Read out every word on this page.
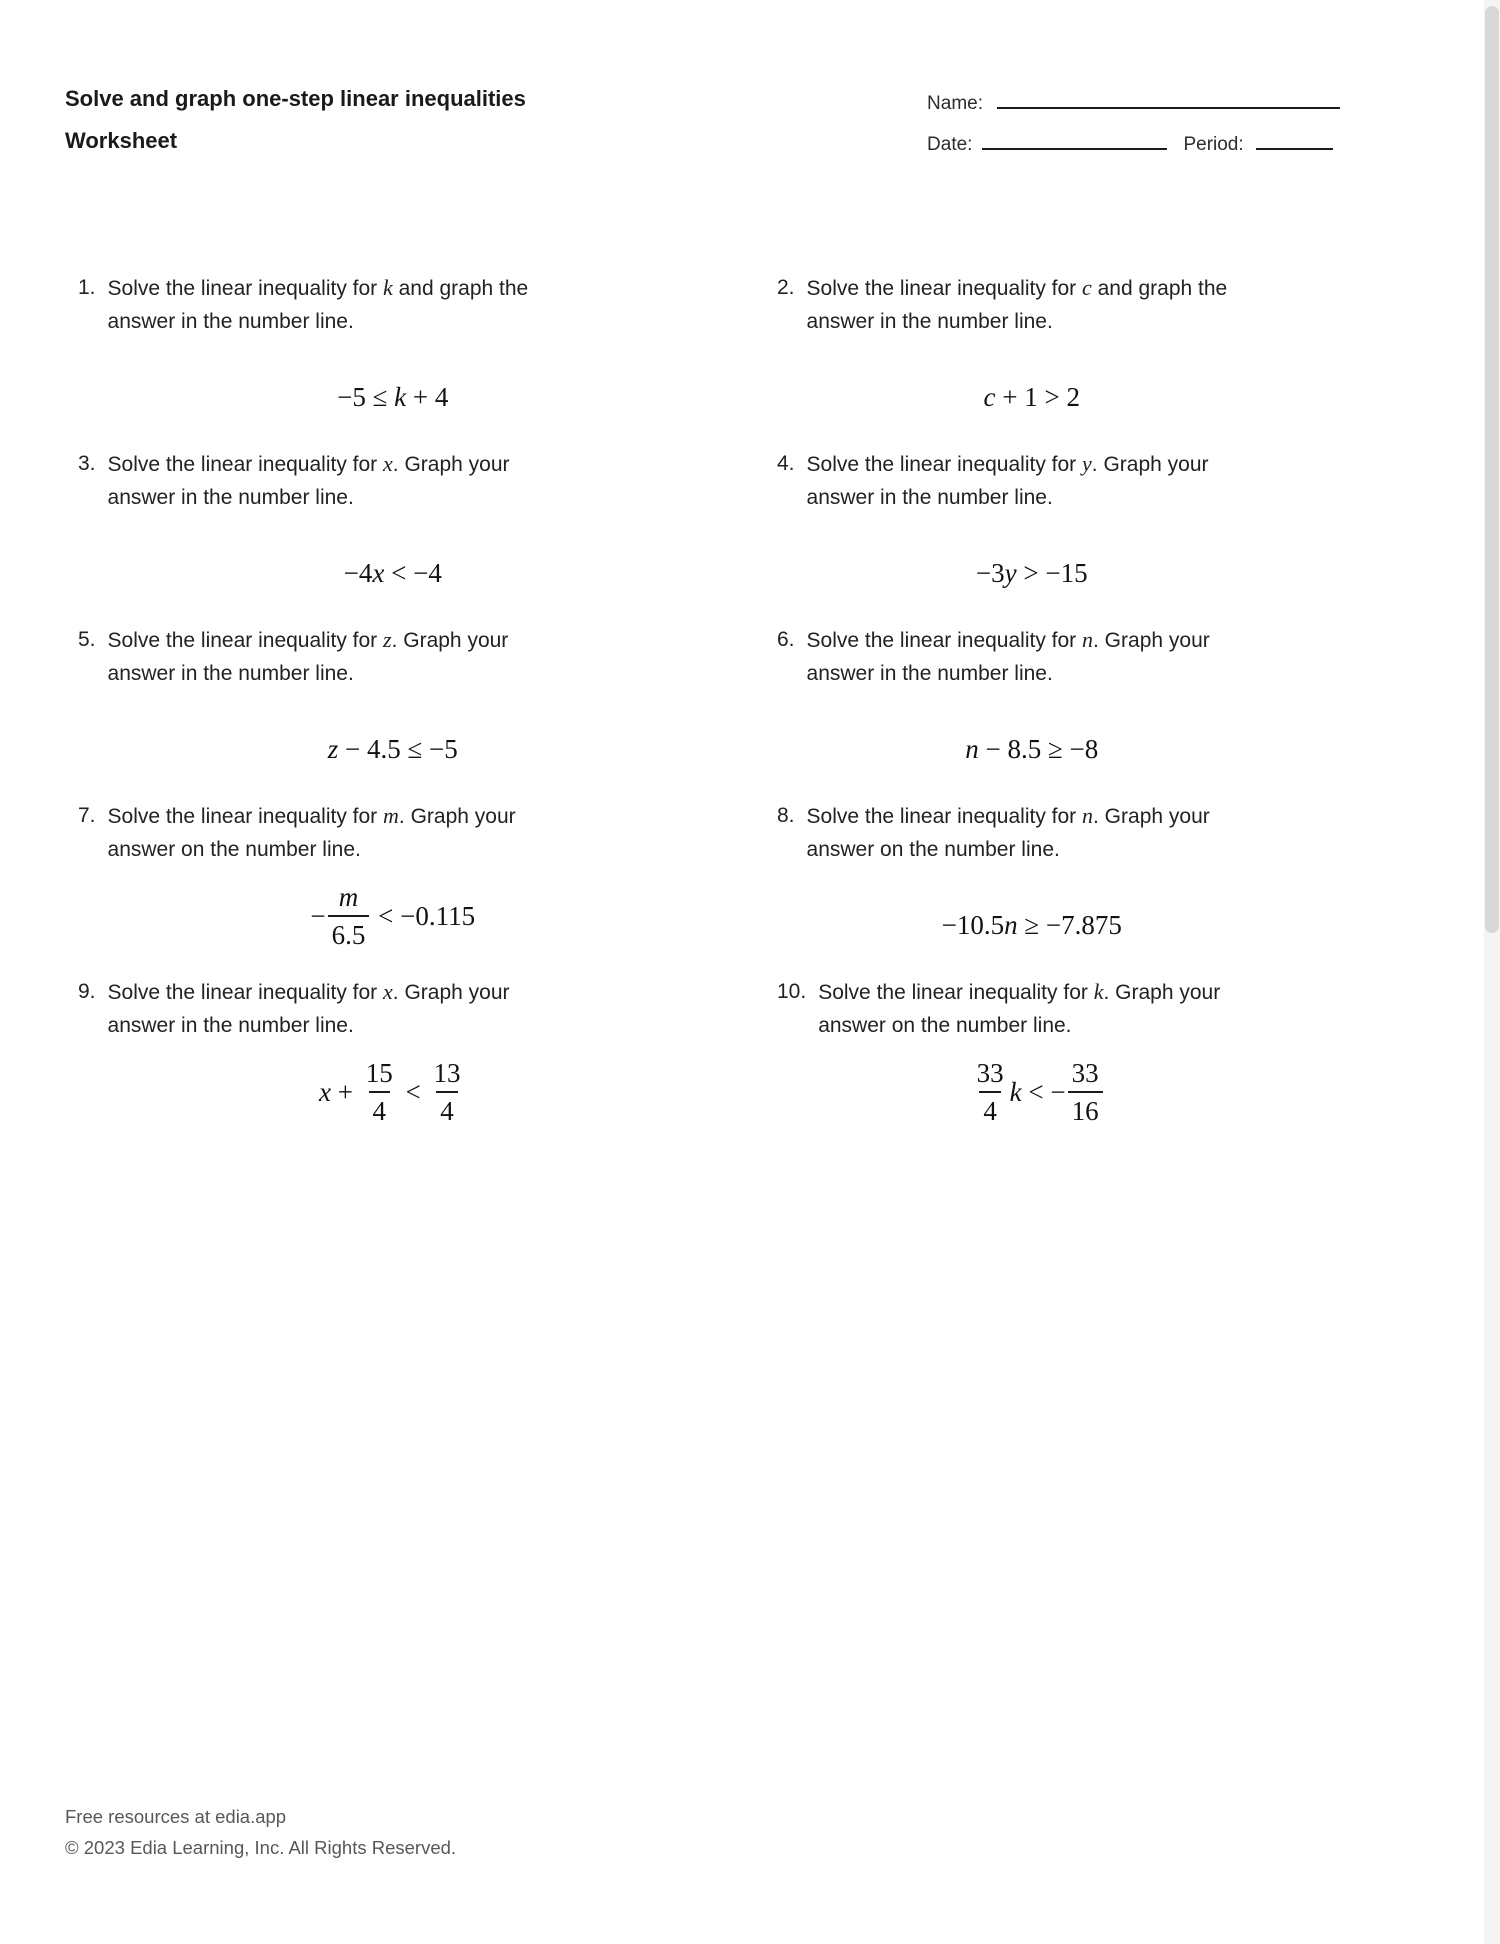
Solve and graph one-step linear inequalities
Worksheet
Name:
Date:	Period:
1. Solve the linear inequality for k and graph the
answer in the number line.
−5 ≤ k + 4
2. Solve the linear inequality for c and graph the
answer in the number line.
c + 1 > 2
3. Solve the linear inequality for x. Graph your
answer in the number line.
−4 x < −4
4. Solve the linear inequality for y. Graph your
answer in the number line.
−3 y > −15
5. Solve the linear inequality for z. Graph your
answer in the number line.
z − 4.5 ≤ −5
6. Solve the linear inequality for n. Graph your
answer in the number line.
n − 8.5 ≥ −8
7. Solve the linear inequality for m. Graph your
answer on the number line.
− $\frac{m}{6.5} < -0.115$
8. Solve the linear inequality for n. Graph your
answer on the number line.
−10.5 n ≥ −7.875
9. Solve the linear inequality for x. Graph your
answer in the number line.
$x + \frac{15}{4} < \frac{13}{4}$
10. Solve the linear inequality for k. Graph your
answer on the number line.
$\frac{33}{4}$ k < − $\frac{33}{16}$
Free resources at edia.app
© 2023 Edia Learning, Inc. All Rights Reserved.
